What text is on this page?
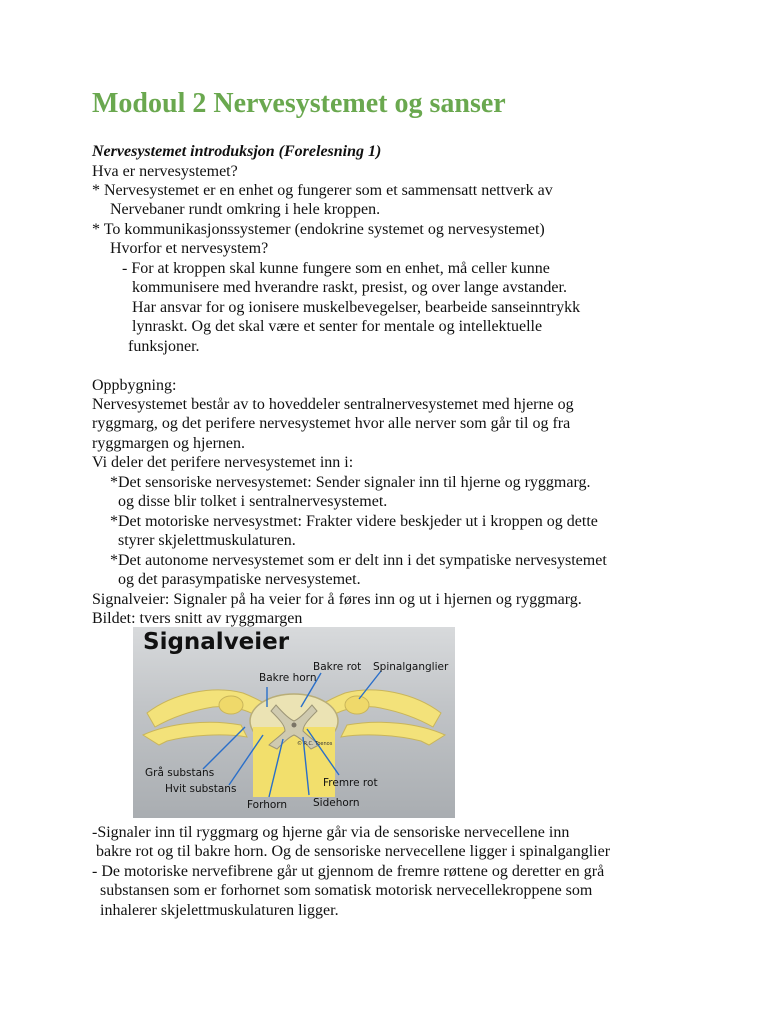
Modoul 2 Nervesystemet og sanser
Nervesystemet introduksjon (Forelesning 1)
Hva er nervesystemet?
* Nervesystemet er en enhet og fungerer som et sammensatt nettverk av
Nervebaner rundt omkring i hele kroppen.
* To kommunikasjonssystemer (endokrine systemet og nervesystemet)
Hvorfor et nervesystem?
- For at kroppen skal kunne fungere som en enhet, må celler kunne
kommunisere med hverandre raskt, presist, og over lange avstander.
Har ansvar for og ionisere muskelbevegelser, bearbeide sanseinntrykk
lynraskt. Og det skal være et senter for mentale og intellektuelle
funksjoner.
Oppbygning:
Nervesystemet består av to hoveddeler sentralnervesystemet med hjerne og
ryggmarg, og det perifere nervesystemet hvor alle nerver som går til og fra
ryggmargen og hjernen.
Vi deler det perifere nervesystemet inn i:
*Det sensoriske nervesystemet: Sender signaler inn til hjerne og ryggmarg.
og disse blir tolket i sentralnervesystemet.
*Det motoriske nervesystmet: Frakter videre beskjeder ut i kroppen og dette
styrer skjelettmuskulaturen.
*Det autonome nervesystemet som er delt inn i det sympatiske nervesystemet
og det parasympatiske nervesystemet.
Signalveier: Signaler på ha veier for å føres inn og ut i hjernen og ryggmarg.
Bildet: tvers snitt av ryggmargen
Signalveier
Bakre rot Spinalganglier
Bakre horn
Grå substans
Hvit substans	Fremre rot
Forhorn Sidehorn
© R.C. Toenos
-Signaler inn til ryggmarg og hjerne går via de sensoriske nervecellene inn
bakre rot og til bakre horn. Og de sensoriske nervecellene ligger i spinalganglier
- De motoriske nervefibrene går ut gjennom de fremre røttene og deretter en grå
substansen som er forhornet som somatisk motorisk nervecellekroppene som
inhalerer skjelettmuskulaturen ligger.
